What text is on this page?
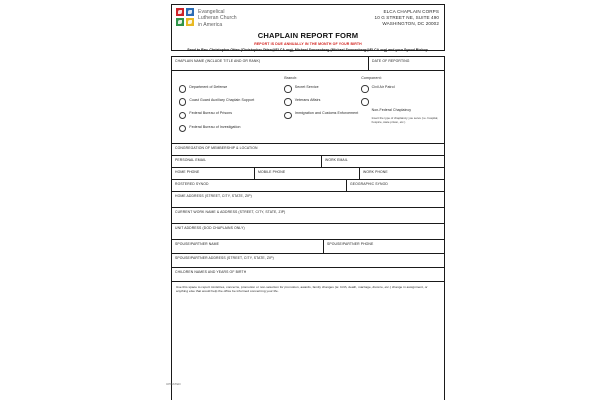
Evangelical
Lutheran Church
in America
ELCA CHAPLAIN CORPS
10 G STREET NE, SUITE 490
WASHINGTON, DC 20002
CHAPLAIN REPORT FORM
REPORT IS DUE ANNUALLY IN THE MONTH OF YOUR BIRTH
Send to Rev. Christopher Otten (Christopher.Otten@ELCA.org), Michael Sonnenberg (Michael.Sonnenberg@ELCA.org) and your Synod Bishop.
CHAPLAIN NAME (INCLUDE TITLE AND OR RANK)	DATE OF REPORTING

Department of Defense
Coast Guard Auxiliary Chaplain Support
Federal Bureau of Prisons
Federal Bureau of Investigation
Branch:
Secret Service
Veterans Affairs
Immigration and Customs Enforcement
Component:
Civil Air Patrol
Non-Federal Chaplaincy
Insert the type of chaplaincy you serve (i.e. hospital, hospice, state prison, etc.)
CONGREGATION OF MEMBERSHIP & LOCATION
PERSONAL EMAIL	WORK EMAIL
HOME PHONE	MOBILE PHONE	WORK PHONE
ROSTERED SYNOD	GEOGRAPHIC SYNOD
HOME ADDRESS (STREET, CITY, STATE, ZIP)
CURRENT WORK NAME & ADDRESS (STREET, CITY, STATE, ZIP)
UNIT ADDRESS (DOD CHAPLAINS ONLY)
SPOUSE/PARTNER NAME	SPOUSE/PARTNER PHONE
SPOUSE/PARTNER ADDRESS (STREET, CITY, STATE, ZIP)
CHILDREN NAMES AND YEARS OF BIRTH
Use this space to report ministries, concerns, promotion or non-selection for promotion, awards, family changes (ie: birth, death, marriage, divorce, etc.) change in assignment, or anything else that would help the office be informed concerning your life.
UPDATED
